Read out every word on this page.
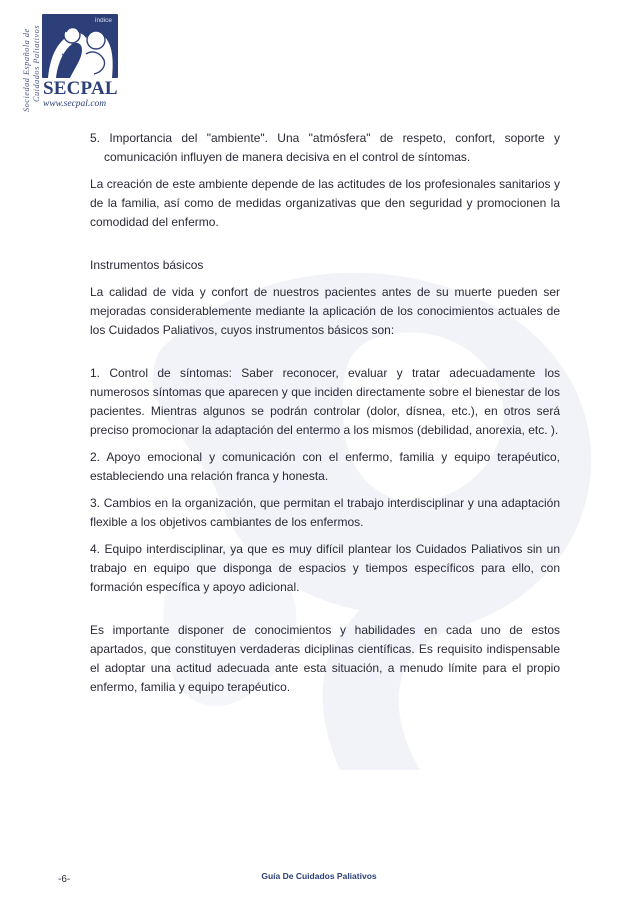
Sociedad Española de Cuidados Paliativos
índice
SECPAL
www.secpal.com

5. Importancia del "ambiente". Una "atmósfera" de respeto, confort, soporte y comunicación influyen de manera decisiva en el control de síntomas.

La creación de este ambiente depende de las actitudes de los profesionales sanitarios y de la familia, así como de medidas organizativas que den seguridad y promocionen la comodidad del enfermo.

Instrumentos básicos

La calidad de vida y confort de nuestros pacientes antes de su muerte pueden ser mejoradas considerablemente mediante la aplicación de los conocimientos actuales de los Cuidados Paliativos, cuyos instrumentos básicos son:

1. Control de síntomas: Saber reconocer, evaluar y tratar adecuadamente los numerosos síntomas que aparecen y que inciden directamente sobre el bienestar de los pacientes. Mientras algunos se podrán controlar (dolor, dísnea, etc.), en otros será preciso promocionar la adaptación del entermo a los mismos (debilidad, anorexia, etc. ).

2. Apoyo emocional y comunicación con el enfermo, familia y equipo terapéutico, estableciendo una relación franca y honesta.

3. Cambios en la organización, que permitan el trabajo interdisciplinar y una adaptación flexible a los objetivos cambiantes de los enfermos.

4. Equipo interdisciplinar, ya que es muy difícil plantear los Cuidados Paliativos sin un trabajo en equipo que disponga de espacios y tiempos específicos para ello, con formación específica y apoyo adicional.

Es importante disponer de conocimientos y habilidades en cada uno de estos apartados, que constituyen verdaderas diciplinas científicas. Es requisito indispensable el adoptar una actitud adecuada ante esta situación, a menudo límite para el propio enfermo, familia y equipo terapéutico.

-6-	Guía De Cuidados Paliativos
